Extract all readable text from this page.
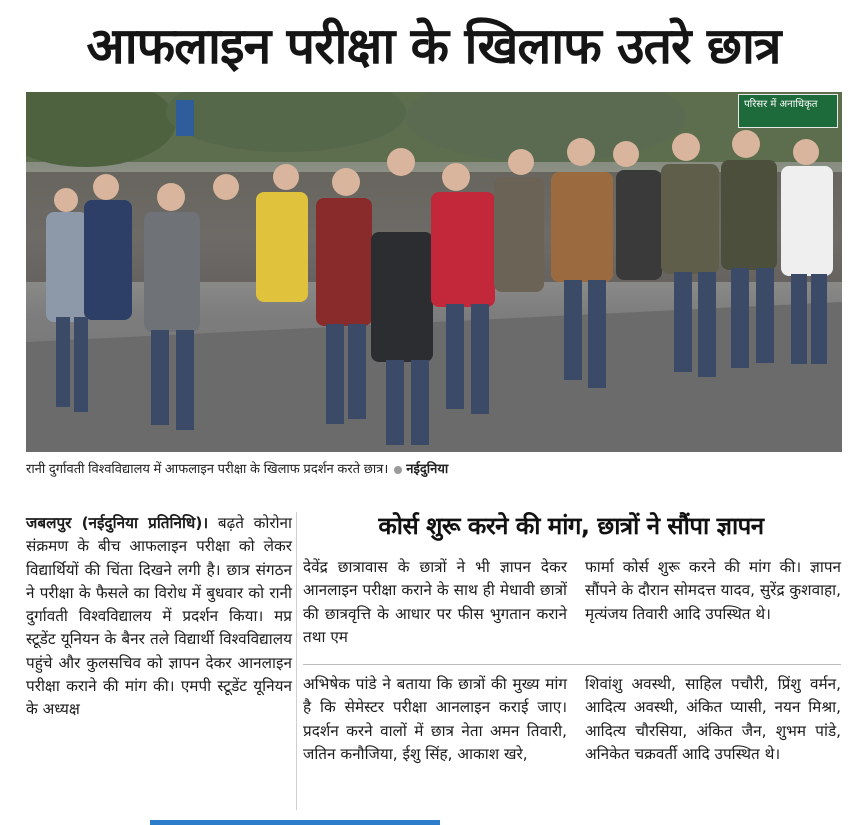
आफलाइन परीक्षा के खिलाफ उतरे छात्र
परिसर में अनाधिकृत
रानी दुर्गावती विश्वविद्यालय में आफलाइन परीक्षा के खिलाफ प्रदर्शन करते छात्र। नईदुनिया
जबलपुर (नईदुनिया प्रतिनिधि)। बढ़ते कोरोना संक्रमण के बीच आफलाइन परीक्षा को लेकर विद्यार्थियों की चिंता दिखने लगी है। छात्र संगठन ने परीक्षा के फैसले का विरोध में बुधवार को रानी दुर्गावती विश्वविद्यालय में प्रदर्शन किया। मप्र स्टूडेंट यूनियन के बैनर तले विद्यार्थी विश्वविद्यालय पहुंचे और कुलसचिव को ज्ञापन देकर आनलाइन परीक्षा कराने की मांग की। एमपी स्टूडेंट यूनियन के अध्यक्ष
कोर्स शुरू करने की मांग, छात्रों ने सौंपा ज्ञापन
देवेंद्र छात्रावास के छात्रों ने भी ज्ञापन देकर आनलाइन परीक्षा कराने के साथ ही मेधावी छात्रों की छात्रवृत्ति के आधार पर फीस भुगतान कराने तथा एम
फार्मा कोर्स शुरू करने की मांग की। ज्ञापन सौंपने के दौरान सोमदत्त यादव, सुरेंद्र कुशवाहा, मृत्यंजय तिवारी आदि उपस्थित थे।
अभिषेक पांडे ने बताया कि छात्रों की मुख्य मांग है कि सेमेस्टर परीक्षा आनलाइन कराई जाए। प्रदर्शन करने वालों में छात्र नेता अमन तिवारी, जतिन कनौजिया, ईशु सिंह, आकाश खरे,
शिवांशु अवस्थी, साहिल पचौरी, प्रिंशु वर्मन, आदित्य अवस्थी, अंकित प्यासी, नयन मिश्रा, आदित्य चौरसिया, अंकित जैन, शुभम पांडे, अनिकेत चक्रवर्ती आदि उपस्थित थे।
